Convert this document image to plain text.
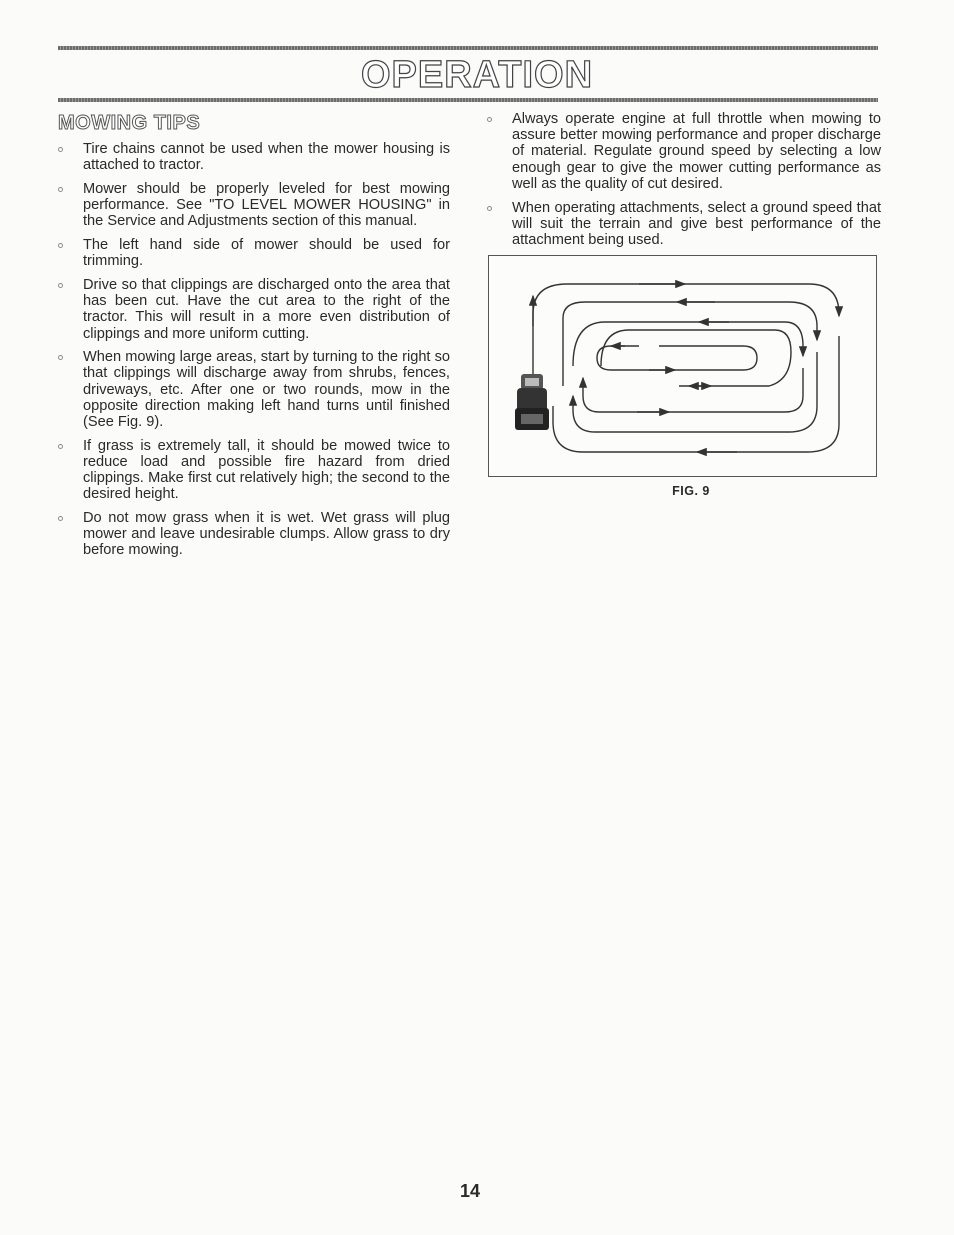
OPERATION
MOWING TIPS
Tire chains cannot be used when the mower housing is attached to tractor.
Mower should be properly leveled for best mowing performance. See "TO LEVEL MOWER HOUSING" in the Service and Adjustments section of this manual.
The left hand side of mower should be used for trimming.
Drive so that clippings are discharged onto the area that has been cut. Have the cut area to the right of the tractor. This will result in a more even distribution of clippings and more uniform cutting.
When mowing large areas, start by turning to the right so that clippings will discharge away from shrubs, fences, driveways, etc. After one or two rounds, mow in the opposite direction making left hand turns until finished (See Fig. 9).
If grass is extremely tall, it should be mowed twice to reduce load and possible fire hazard from dried clippings. Make first cut relatively high; the second to the desired height.
Do not mow grass when it is wet. Wet grass will plug mower and leave undesirable clumps. Allow grass to dry before mowing.
Always operate engine at full throttle when mowing to assure better mowing performance and proper discharge of material. Regulate ground speed by selecting a low enough gear to give the mower cutting performance as well as the quality of cut desired.
When operating attachments, select a ground speed that will suit the terrain and give best performance of the attachment being used.
FIG. 9
14
